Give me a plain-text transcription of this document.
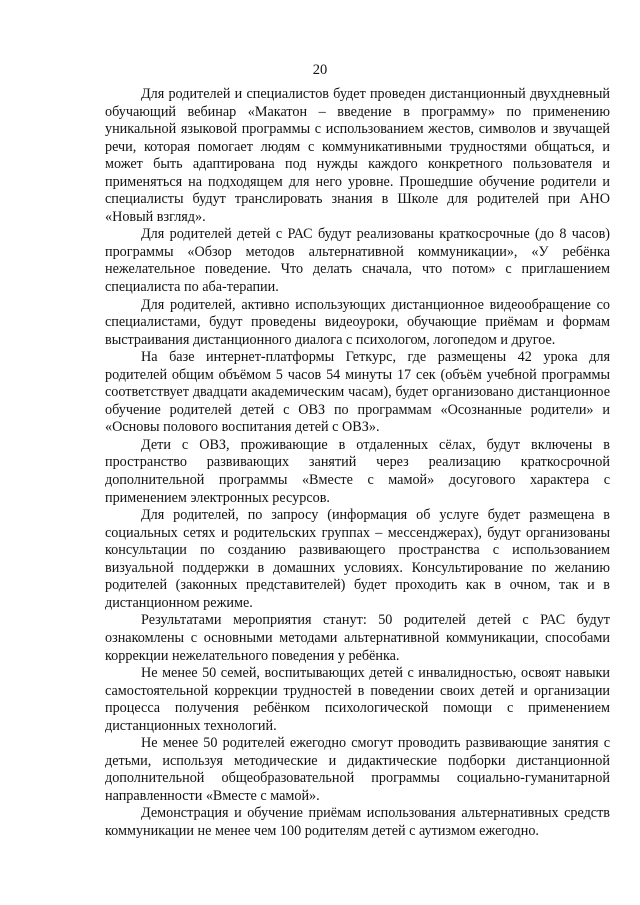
20

Для родителей и специалистов будет проведен дистанционный двухдневный обучающий вебинар «Макатон – введение в программу» по применению уникальной языковой программы с использованием жестов, символов и звучащей речи, которая помогает людям с коммуникативными трудностями общаться, и может быть адаптирована под нужды каждого конкретного пользователя и применяться на подходящем для него уровне. Прошедшие обучение родители и специалисты будут транслировать знания в Школе для родителей при АНО «Новый взгляд».

Для родителей детей с РАС будут реализованы краткосрочные (до 8 часов) программы «Обзор методов альтернативной коммуникации», «У ребёнка нежелательное поведение. Что делать сначала, что потом» с приглашением специалиста по аба-терапии.

Для родителей, активно использующих дистанционное видеообращение со специалистами, будут проведены видеоуроки, обучающие приёмам и формам выстраивания дистанционного диалога с психологом, логопедом и другое.

На базе интернет-платформы Геткурс, где размещены 42 урока для родителей общим объёмом 5 часов 54 минуты 17 сек (объём учебной программы соответствует двадцати академическим часам), будет организовано дистанционное обучение родителей детей с ОВЗ по программам «Осознанные родители» и «Основы полового воспитания детей с ОВЗ».

Дети с ОВЗ, проживающие в отдаленных сёлах, будут включены в пространство развивающих занятий через реализацию краткосрочной дополнительной программы «Вместе с мамой» досугового характера с применением электронных ресурсов.

Для родителей, по запросу (информация об услуге будет размещена в социальных сетях и родительских группах – мессенджерах), будут организованы консультации по созданию развивающего пространства с использованием визуальной поддержки в домашних условиях. Консультирование по желанию родителей (законных представителей) будет проходить как в очном, так и в дистанционном режиме.

Результатами мероприятия станут: 50 родителей детей с РАС будут ознакомлены с основными методами альтернативной коммуникации, способами коррекции нежелательного поведения у ребёнка.

Не менее 50 семей, воспитывающих детей с инвалидностью, освоят навыки самостоятельной коррекции трудностей в поведении своих детей и организации процесса получения ребёнком психологической помощи с применением дистанционных технологий.

Не менее 50 родителей ежегодно смогут проводить развивающие занятия с детьми, используя методические и дидактические подборки дистанционной дополнительной общеобразовательной программы социально-гуманитарной направленности «Вместе с мамой».

Демонстрация и обучение приёмам использования альтернативных средств коммуникации не менее чем 100 родителям детей с аутизмом ежегодно.
